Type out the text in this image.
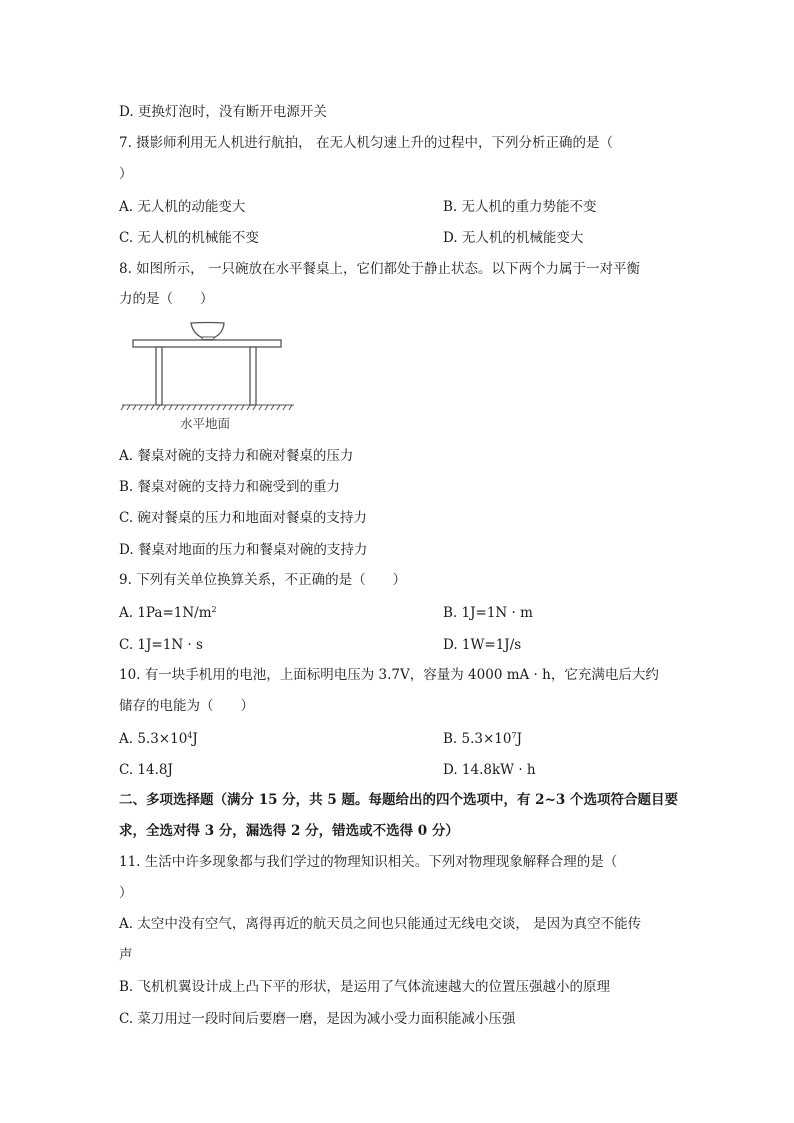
D. 更换灯泡时，没有断开电源开关
7. 摄影师利用无人机进行航拍， 在无人机匀速上升的过程中，下列分析正确的是（
）
A. 无人机的动能变大	B. 无人机的重力势能不变
C. 无人机的机械能不变	D. 无人机的机械能变大
8. 如图所示， 一只碗放在水平餐桌上，它们都处于静止状态。以下两个力属于一对平衡
力的是（　　）
水平地面
A. 餐桌对碗的支持力和碗对餐桌的压力
B. 餐桌对碗的支持力和碗受到的重力
C. 碗对餐桌的压力和地面对餐桌的支持力
D. 餐桌对地面的压力和餐桌对碗的支持力
9. 下列有关单位换算关系，不正确的是（　　）
A. $1Pa=1N/m^2$	B. 1J=1N · m
C. 1J=1N · s	D. 1W=1J/s
10. 有一块手机用的电池，上面标明电压为 3.7V，容量为 4000 mA · h，它充满电后大约
储存的电能为（　　）
A. $5.3\times 10^4J$	B. $5.3\times 10^7J$
C. 14.8J	D. 14.8kW · h
二、多项选择题（满分 15 分，共 5 题。每题给出的四个选项中，有 2~3 个选项符合题目要
求，全选对得 3 分，漏选得 2 分，错选或不选得 0 分）
11. 生活中许多现象都与我们学过的物理知识相关。下列对物理现象解释合理的是（
）
A. 太空中没有空气，离得再近的航天员之间也只能通过无线电交谈， 是因为真空不能传
声
B. 飞机机翼设计成上凸下平的形状，是运用了气体流速越大的位置压强越小的原理
C. 菜刀用过一段时间后要磨一磨，是因为减小受力面积能减小压强
